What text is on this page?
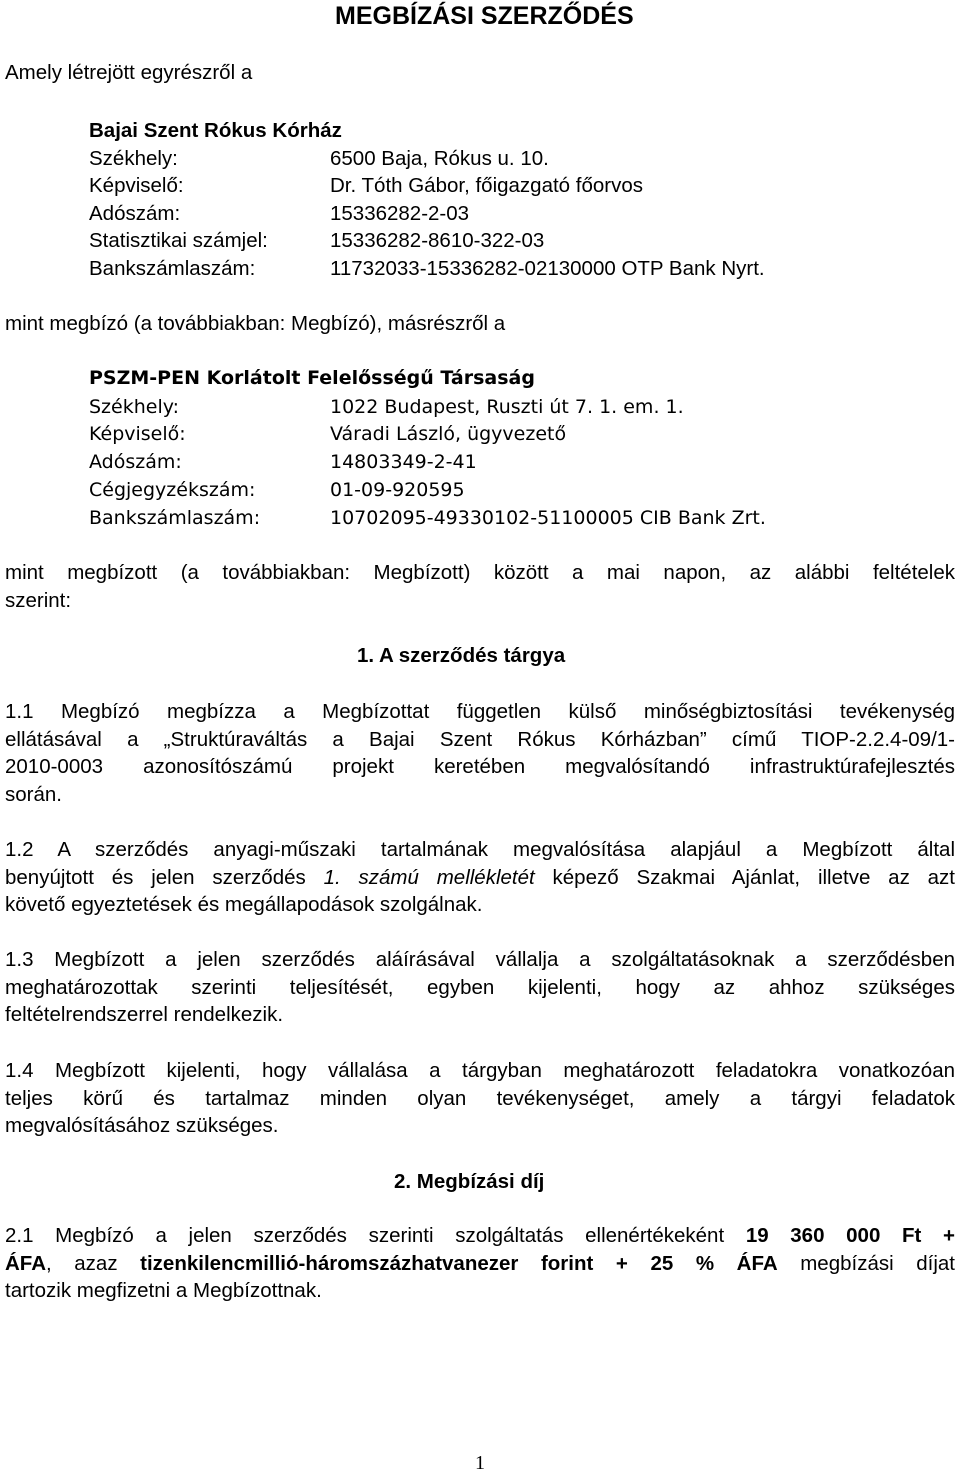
MEGBÍZÁSI SZERZŐDÉS
Amely létrejött egyrészről a
Bajai Szent Rókus Kórház
Székhely:	6500 Baja, Rókus u. 10.
Képviselő:	Dr. Tóth Gábor, főigazgató főorvos
Adószám:	15336282-2-03
Statisztikai számjel:	15336282-8610-322-03
Bankszámlaszám:	11732033-15336282-02130000 OTP Bank Nyrt.
mint megbízó (a továbbiakban: Megbízó), másrészről a
PSZM-PEN Korlátolt Felelősségű Társaság
Székhely:	1022 Budapest, Ruszti út 7. 1. em. 1.
Képviselő:	Váradi László, ügyvezető
Adószám:	14803349-2-41
Cégjegyzékszám:	01-09-920595
Bankszámlaszám:	10702095-49330102-51100005 CIB Bank Zrt.
mint megbízott (a továbbiakban: Megbízott) között a mai napon, az alábbi feltételek
szerint:
1. A szerződés tárgya
1.1 Megbízó megbízza a Megbízottat független külső minőségbiztosítási tevékenység
ellátásával a „Struktúraváltás a Bajai Szent Rókus Kórházban” című TIOP-2.2.4-09/1-
2010-0003 azonosítószámú projekt keretében megvalósítandó infrastruktúrafejlesztés
során.
1.2 A szerződés anyagi-műszaki tartalmának megvalósítása alapjául a Megbízott által
benyújtott és jelen szerződés 1. számú mellékletét képező Szakmai Ajánlat, illetve az azt
követő egyeztetések és megállapodások szolgálnak.
1.3 Megbízott a jelen szerződés aláírásával vállalja a szolgáltatásoknak a szerződésben
meghatározottak szerinti teljesítését, egyben kijelenti, hogy az ahhoz szükséges
feltételrendszerrel rendelkezik.
1.4 Megbízott kijelenti, hogy vállalása a tárgyban meghatározott feladatokra vonatkozóan
teljes körű és tartalmaz minden olyan tevékenységet, amely a tárgyi feladatok
megvalósításához szükséges.
2. Megbízási díj
2.1 Megbízó a jelen szerződés szerinti szolgáltatás ellenértékeként 19 360 000 Ft +
ÁFA, azaz tizenkilencmillió-háromszázhatvanezer forint + 25 % ÁFA megbízási díjat
tartozik megfizetni a Megbízottnak.
1
